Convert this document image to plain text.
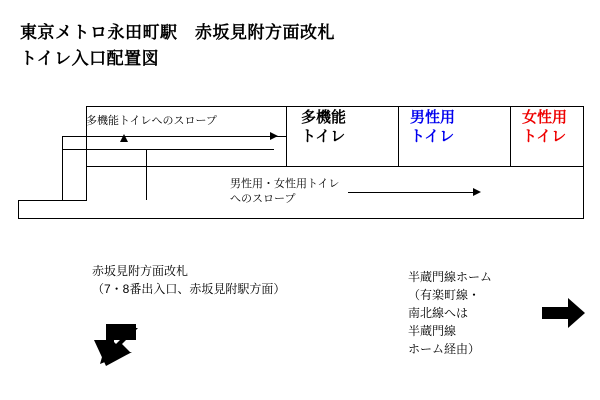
東京メトロ永田町駅　赤坂見附方面改札
トイレ入口配置図
多機能
トイレ
男性用
トイレ
女性用
トイレ
多機能トイレへのスロープ
男性用・女性用トイレ
へのスロープ
赤坂見附方面改札
（7・8番出入口、赤坂見附駅方面）
半蔵門線ホーム
（有楽町線・
南北線へは
半蔵門線
ホーム経由）
